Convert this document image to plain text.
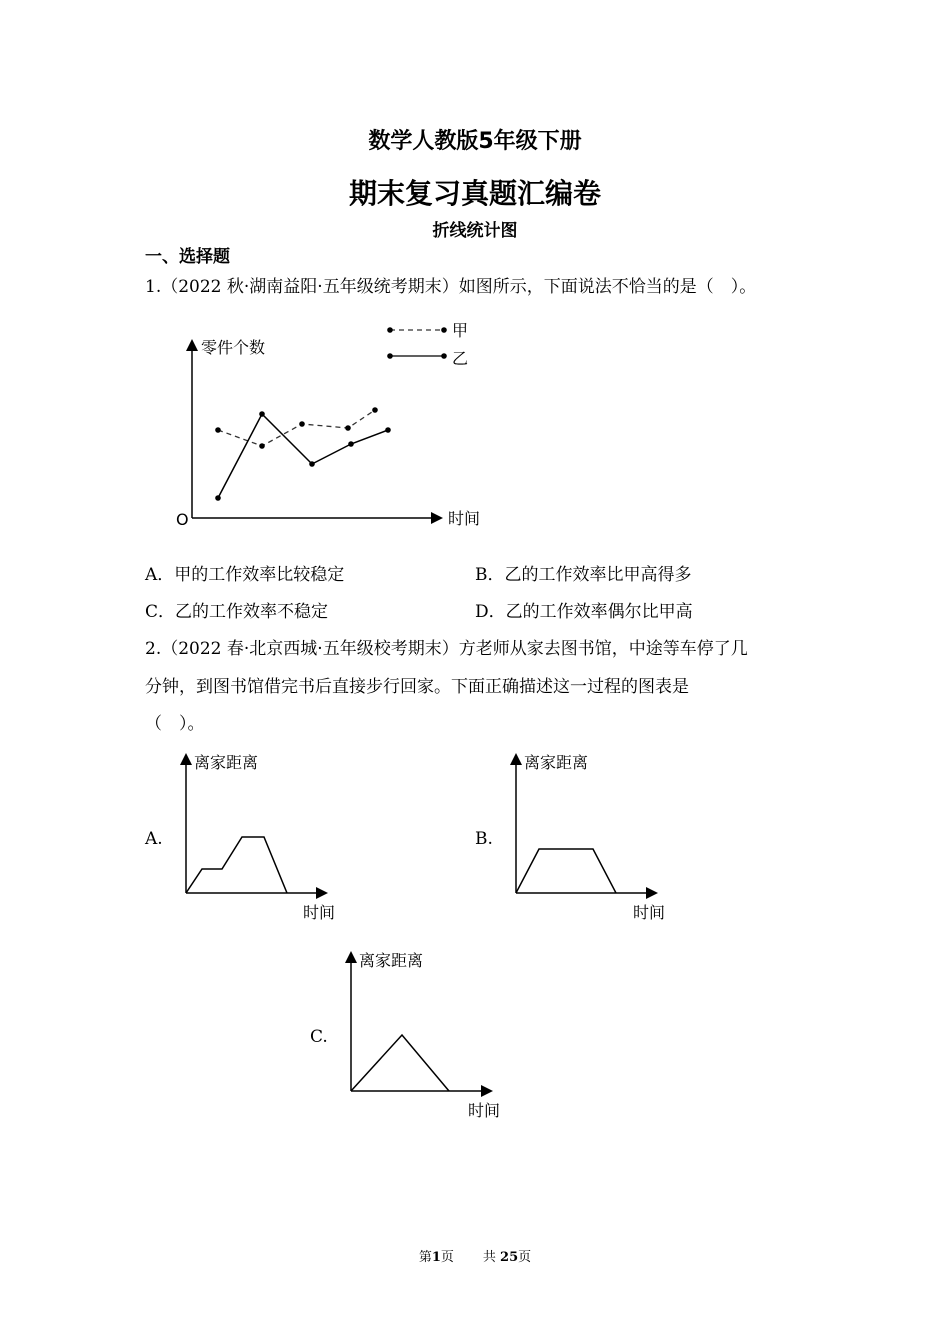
数学人教版5年级下册
期末复习真题汇编卷
折线统计图
一、选择题
1.（2022 秋·湖南益阳·五年级统考期末）如图所示，下面说法不恰当的是（　）。
零件个数
时间
O
甲
乙
A．甲的工作效率比较稳定	B．乙的工作效率比甲高得多
C．乙的工作效率不稳定	D．乙的工作效率偶尔比甲高
2.（2022 春·北京西城·五年级校考期末）方老师从家去图书馆，中途等车停了几
分钟，到图书馆借完书后直接步行回家。下面正确描述这一过程的图表是
（　）。
A.
离家距离
时间
B.
离家距离
时间
C.
离家距离
时间
第1页 共 25页
